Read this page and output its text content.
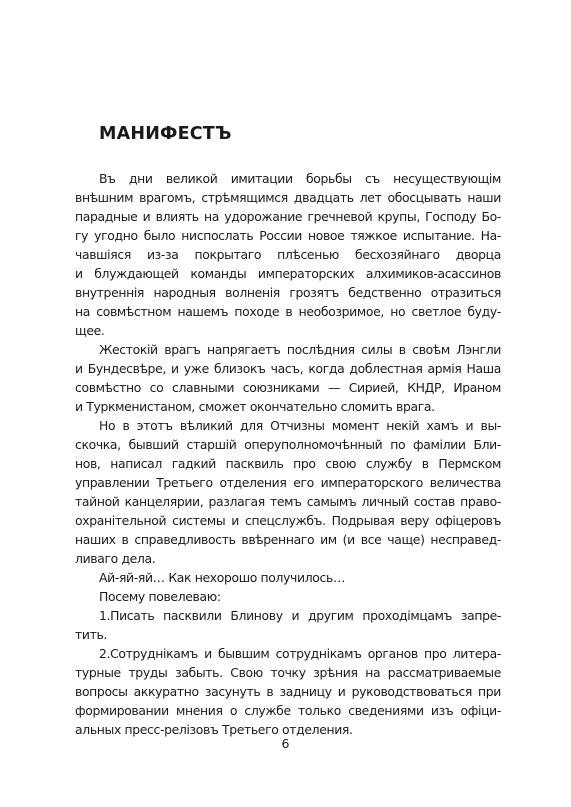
МАНИФЕСТЪ
Въ дни великой имитации борьбы съ несуществующім
внѣшним врагомъ, стрѣмящимся двадцать лет обосцывать наши
парадные и влиять на удорожание гречневой крупы, Господу Бо-
гу угодно было ниспослать России новое тяжкое испытание. На-
чавшіяся из-за покрытаго плѣсенью бесхозяйнаго дворца
и блуждающей команды императорских алхимиков-асассинов
внутреннія народныя волненія грозятъ бедственно отразиться
на совмѣстном нашемъ походе в необозримое, но светлое буду-
щее.
Жестокій врагъ напрягаетъ послѣдния силы в своѣм Лэнгли
и Бундесвѣре, и уже близокъ часъ, когда доблестная армія Наша
совмѣстно со славными союзниками — Сирией, КНДР, Ираном
и Туркменистаном, сможет окончательно сломить врага.
Но в этотъ вѣликий для Отчизны момент некій хамъ и вы-
скочка, бывший старшій оперуполномочѣнный по фамілии Бли-
нов, написал гадкий пасквиль про свою службу в Пермском
управлении Третьего отделения его императорского величества
тайной канцелярии, разлагая темъ самымъ личный состав право-
охранітельной системы и спецслужбъ. Подрывая веру офіцеровъ
наших в справедливость ввѣреннаго им (и все чаще) несправед-
ливаго дела.
Ай-яй-яй… Как нехорошо получилось…
Посему повелеваю:
1.Писать пасквили Блинову и другим проходімцамъ запре-
тить.
2.Сотруднікамъ и бывшим сотруднікамъ органов про литера-
турные труды забыть. Свою точку зрѣния на рассматриваемые
вопросы аккуратно засунуть в задницу и руководствоваться при
формировании мнения о службе только сведениями изъ офіци-
альных пресс-релізовъ Третьего отделения.
6
